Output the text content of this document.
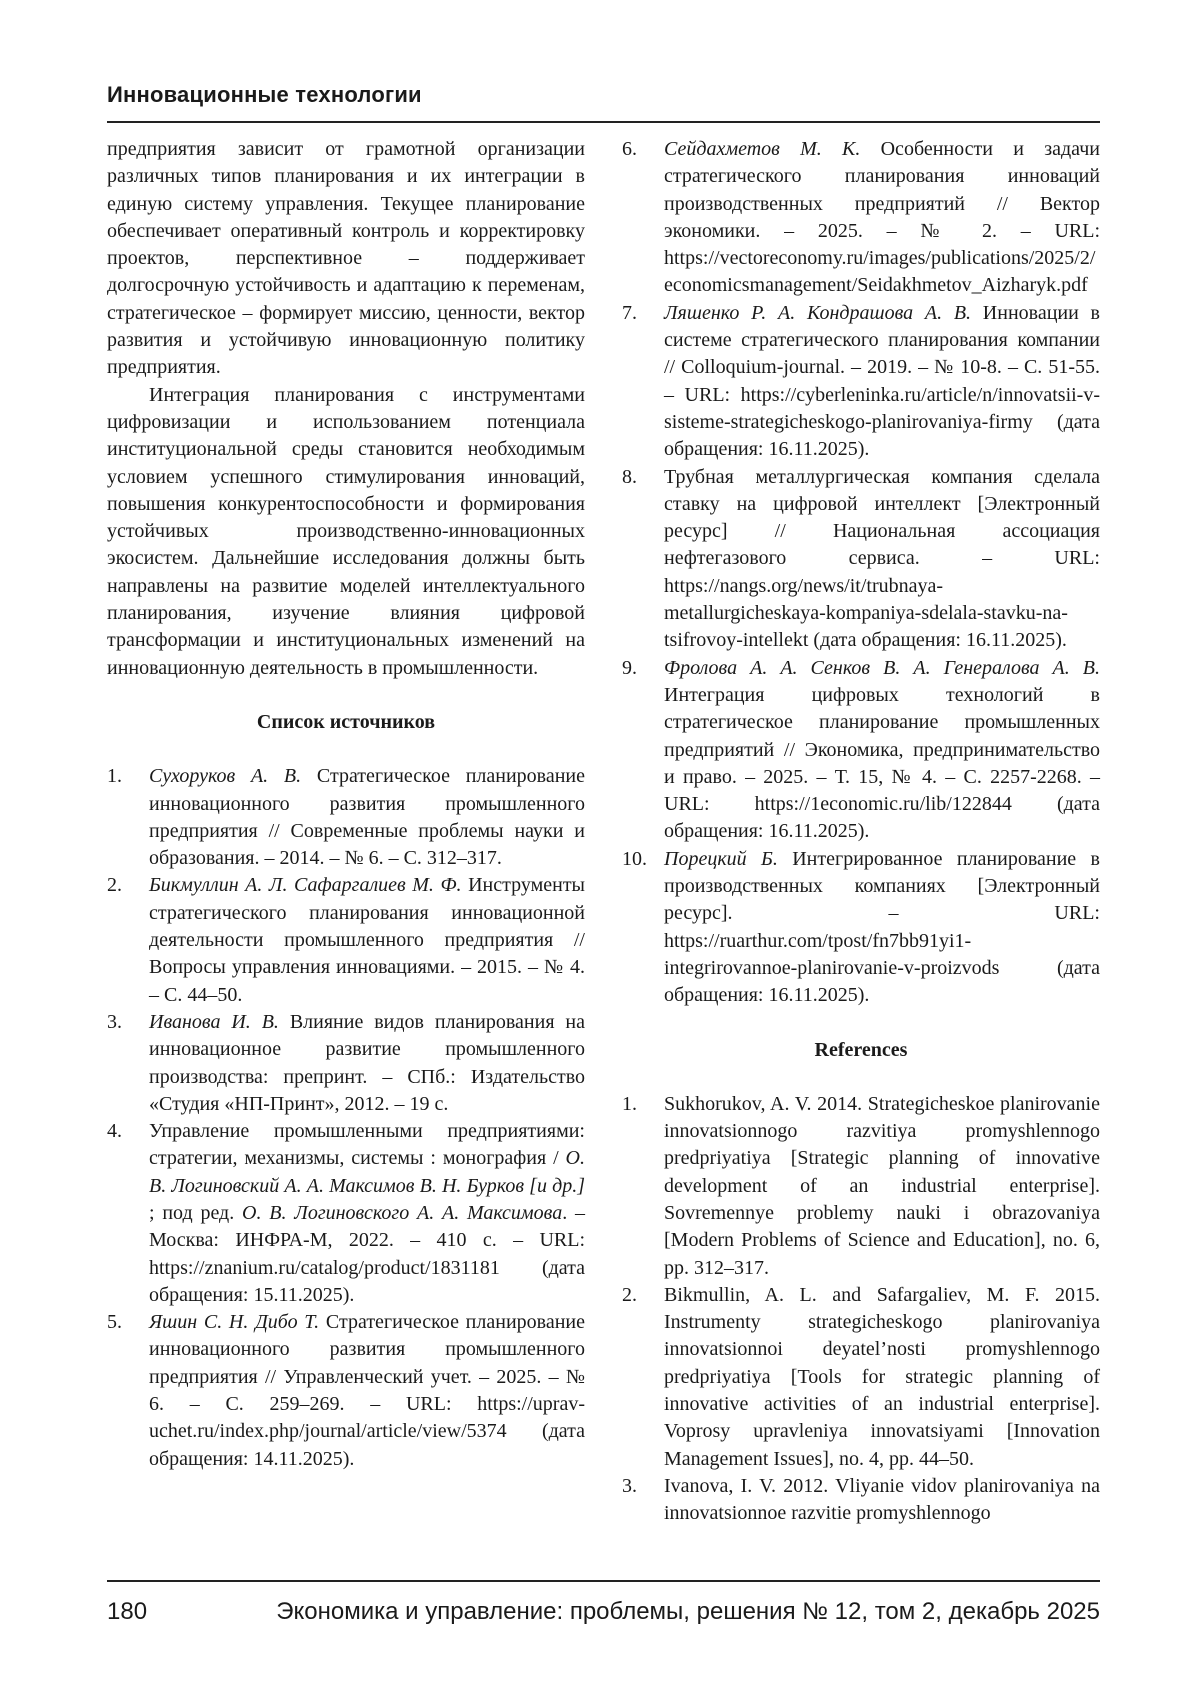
Инновационные технологии

предприятия зависит от грамотной организации различных типов планирования и их интеграции в единую систему управления. Текущее планирование обеспечивает оперативный контроль и корректировку проектов, перспективное – поддерживает долгосрочную устойчивость и адаптацию к переменам, стратегическое – формирует миссию, ценности, вектор развития и устойчивую инновационную политику предприятия.

Интеграция планирования с инструментами цифровизации и использованием потенциала институциональной среды становится необходимым условием успешного стимулирования инноваций, повышения конкурентоспособности и формирования устойчивых производственно-инновационных экосистем. Дальнейшие исследования должны быть направлены на развитие моделей интеллектуального планирования, изучение влияния цифровой трансформации и институциональных изменений на инновационную деятельность в промышленности.

Список источников

1.	Сухоруков А. В. Стратегическое планирование инновационного развития промышленного предприятия // Современные проблемы науки и образования. – 2014. – № 6. – С. 312–317.
2.	Бикмуллин А. Л. Сафаргалиев М. Ф. Инструменты стратегического планирования инновационной деятельности промышленного предприятия // Вопросы управления инновациями. – 2015. – № 4. – С. 44–50.
3.	Иванова И. В. Влияние видов планирования на инновационное развитие промышленного производства: препринт. – СПб.: Издательство «Студия «НП-Принт», 2012. – 19 с.
4.	Управление промышленными предприятиями: стратегии, механизмы, системы : монография / О. В. Логиновский А. А. Максимов В. Н. Бурков [и др.] ; под ред. О. В. Логиновского А. А. Максимова. – Москва: ИНФРА-М, 2022. – 410 с. – URL: https://znanium.ru/catalog/product/1831181 (дата обращения: 15.11.2025).
5.	Яшин С. Н. Дибо Т. Стратегическое планирование инновационного развития промышленного предприятия // Управленческий учет. – 2025. – № 6. – С. 259–269. – URL: https://uprav-uchet.ru/index.php/journal/article/view/5374 (дата обращения: 14.11.2025).
6.	Сейдахметов М. К. Особенности и задачи стратегического планирования инноваций производственных предприятий // Вектор экономики. – 2025. – № 2. – URL: https://vectoreconomy.ru/images/publications/2025/2/economicsmanagement/Seidakhmetov_Aizharyk.pdf
7.	Ляшенко Р. А. Кондрашова А. В. Инновации в системе стратегического планирования компании // Colloquium-journal. – 2019. – № 10-8. – С. 51-55. – URL: https://cyberleninka.ru/article/n/innovatsii-v-sisteme-strategicheskogo-planirovaniya-firmy (дата обращения: 16.11.2025).
8.	Трубная металлургическая компания сделала ставку на цифровой интеллект [Электронный ресурс] // Национальная ассоциация нефтегазового сервиса. – URL: https://nangs.org/news/it/trubnaya-metallurgicheskaya-kompaniya-sdelala-stavku-na-tsifrovoy-intellekt (дата обращения: 16.11.2025).
9.	Фролова А. А. Сенков В. А. Генералова А. В. Интеграция цифровых технологий в стратегическое планирование промышленных предприятий // Экономика, предпринимательство и право. – 2025. – Т. 15, № 4. – С. 2257-2268. – URL: https://1economic.ru/lib/122844 (дата обращения: 16.11.2025).
10. Порецкий Б. Интегрированное планирование в производственных компаниях [Электронный ресурс]. – URL: https://ruarthur.com/tpost/fn7bb91yi1-integrirovannoe-planirovanie-v-proizvods (дата обращения: 16.11.2025).

References

1.	Sukhorukov, A. V. 2014. Strategicheskoe planirovanie innovatsionnogo razvitiya promyshlennogo predpriyatiya [Strategic planning of innovative development of an industrial enterprise]. Sovremennye problemy nauki i obrazovaniya [Modern Problems of Science and Education], no. 6, pp. 312–317.
2.	Bikmullin, A. L. and Safargaliev, M. F. 2015. Instrumenty strategicheskogo planirovaniya innovatsionnoi deyatel’nosti promyshlennogo predpriyatiya [Tools for strategic planning of innovative activities of an industrial enterprise]. Voprosy upravleniya innovatsiyami [Innovation Management Issues], no. 4, pp. 44–50.
3.	Ivanova, I. V. 2012. Vliyanie vidov planirovaniya na innovatsionnoe razvitie promyshlennogo
180	Экономика и управление: проблемы, решения № 12, том 2, декабрь 2025
